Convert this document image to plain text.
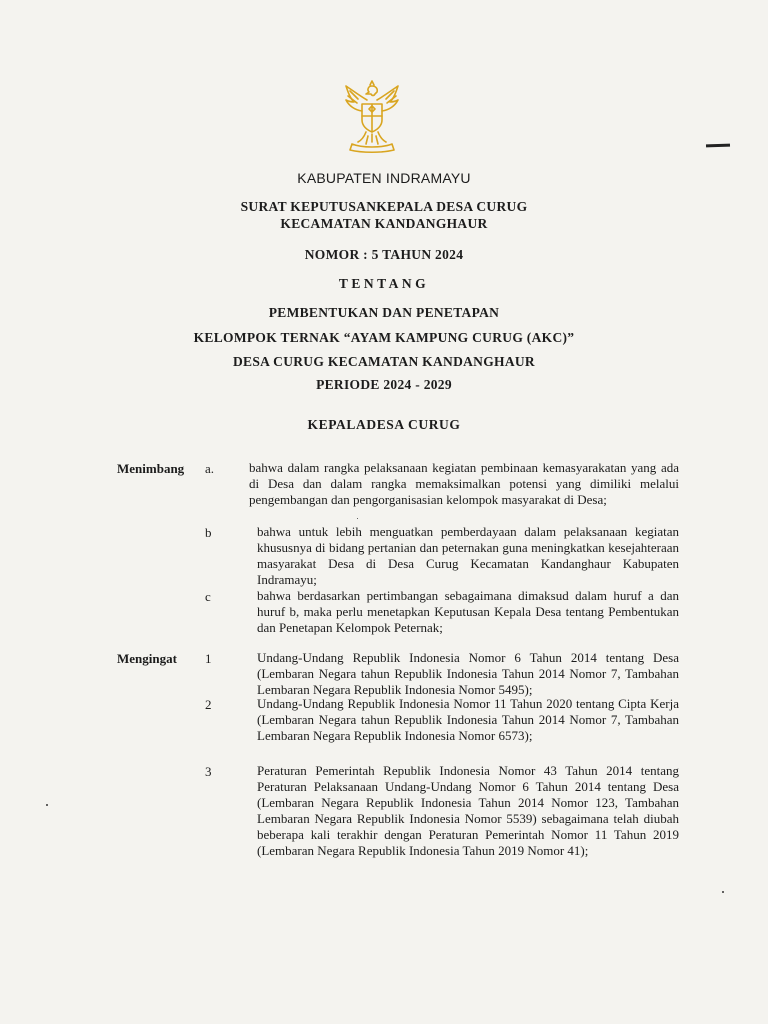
KABUPATEN INDRAMAYU
SURAT KEPUTUSANKEPALA DESA CURUG
KECAMATAN KANDANGHAUR
NOMOR : 5 TAHUN 2024
TENTANG
PEMBENTUKAN DAN PENETAPAN
KELOMPOK TERNAK “AYAM KAMPUNG CURUG (AKC)”
DESA CURUG KECAMATAN KANDANGHAUR
PERIODE 2024 - 2029
KEPALADESA CURUG
Menimbang a.	bahwa dalam rangka pelaksanaan kegiatan pembinaan kemasyarakatan yang ada di Desa dan dalam rangka memaksimalkan potensi yang dimiliki melalui pengembangan dan pengorganisasian kelompok masyarakat di Desa;
b	bahwa untuk lebih menguatkan pemberdayaan dalam pelaksanaan kegiatan khususnya di bidang pertanian dan peternakan guna meningkatkan kesejahteraan masyarakat Desa di Desa Curug Kecamatan Kandanghaur Kabupaten Indramayu;
c	bahwa berdasarkan pertimbangan sebagaimana dimaksud dalam huruf a dan huruf b, maka perlu menetapkan Keputusan Kepala Desa tentang Pembentukan dan Penetapan Kelompok Peternak;
Mengingat 1	Undang-Undang Republik Indonesia Nomor 6 Tahun 2014 tentang Desa (Lembaran Negara tahun Republik Indonesia Tahun 2014 Nomor 7, Tambahan Lembaran Negara Republik Indonesia Nomor 5495);
2	Undang-Undang Republik Indonesia Nomor 11 Tahun 2020 tentang Cipta Kerja (Lembaran Negara tahun Republik Indonesia Tahun 2014 Nomor 7, Tambahan Lembaran Negara Republik Indonesia Nomor 6573);
3	Peraturan Pemerintah Republik Indonesia Nomor 43 Tahun 2014 tentang Peraturan Pelaksanaan Undang-Undang Nomor 6 Tahun 2014 tentang Desa (Lembaran Negara Republik Indonesia Tahun 2014 Nomor 123, Tambahan Lembaran Negara Republik Indonesia Nomor 5539) sebagaimana telah diubah beberapa kali terakhir dengan Peraturan Pemerintah Nomor 11 Tahun 2019 (Lembaran Negara Republik Indonesia Tahun 2019 Nomor 41);
